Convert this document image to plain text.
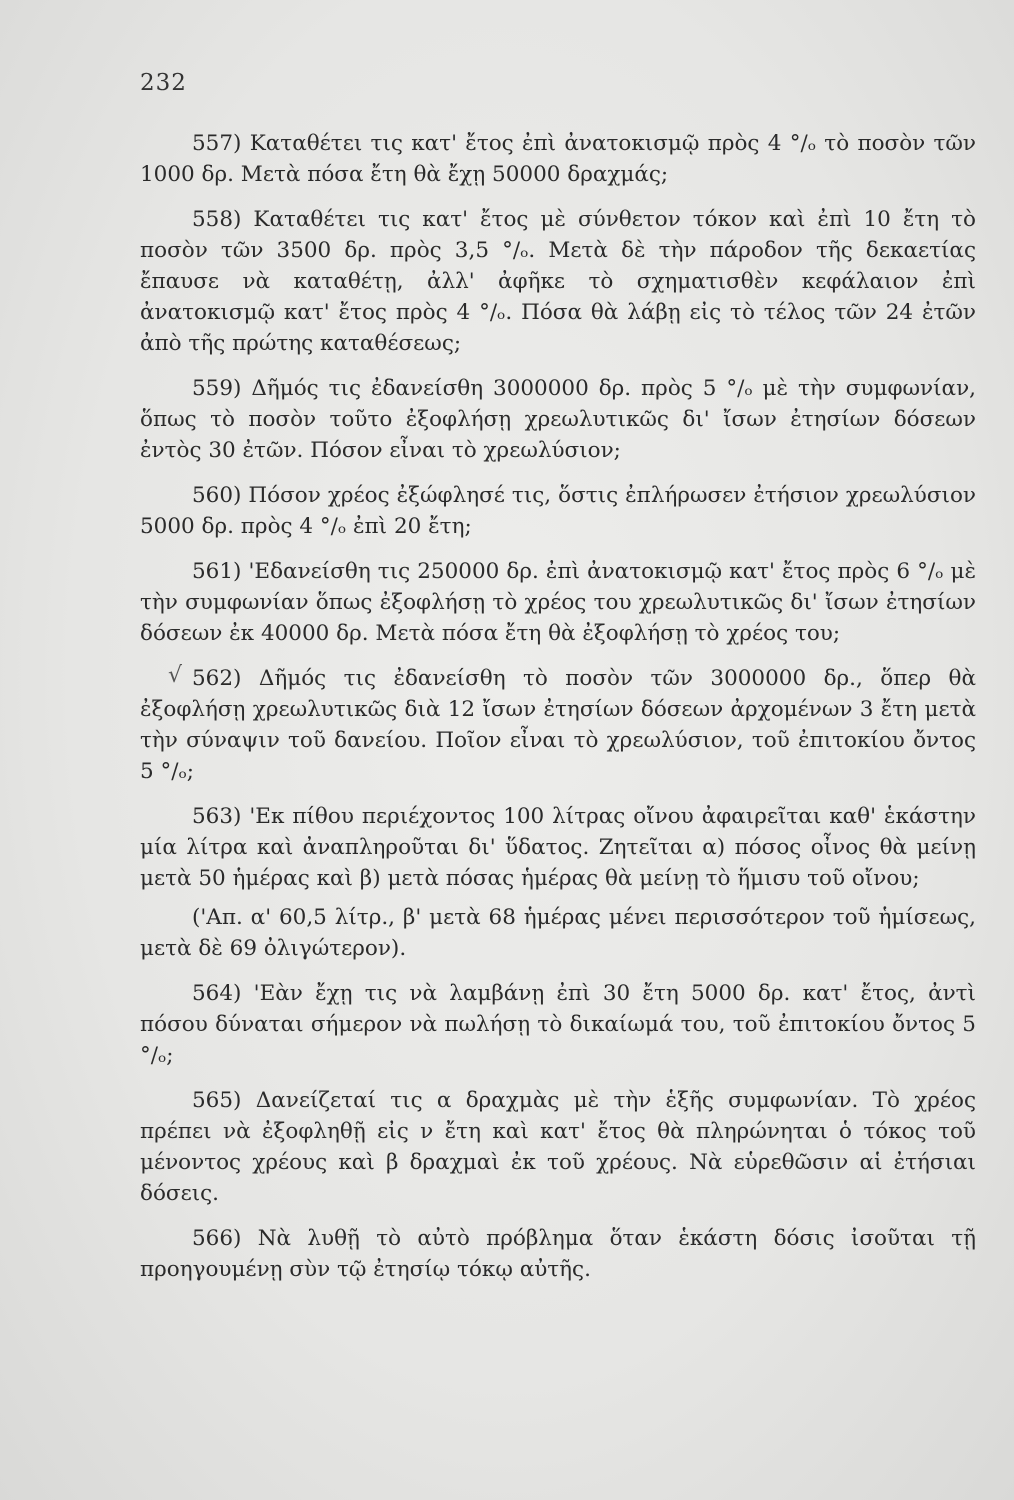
232

557) Καταθέτει τις κατ' ἔτος ἐπὶ ἀνατοκισμῷ πρὸς 4 °/ₒ τὸ ποσὸν τῶν 1000 δρ. Μετὰ πόσα ἔτη θὰ ἔχῃ 50000 δραχμάς;

558) Καταθέτει τις κατ' ἔτος μὲ σύνθετον τόκον καὶ ἐπὶ 10 ἔτη τὸ ποσὸν τῶν 3500 δρ. πρὸς 3,5 °/ₒ. Μετὰ δὲ τὴν πάροδον τῆς δεκαετίας ἔπαυσε νὰ καταθέτῃ, ἀλλ' ἀφῆκε τὸ σχηματισθὲν κεφάλαιον ἐπὶ ἀνατοκισμῷ κατ' ἔτος πρὸς 4 °/ₒ. Πόσα θὰ λάβῃ εἰς τὸ τέλος τῶν 24 ἐτῶν ἀπὸ τῆς πρώτης καταθέσεως;

559) Δῆμός τις ἐδανείσθη 3000000 δρ. πρὸς 5 °/ₒ μὲ τὴν συμφωνίαν, ὅπως τὸ ποσὸν τοῦτο ἐξοφλήσῃ χρεωλυτικῶς δι' ἴσων ἐτησίων δόσεων ἐντὸς 30 ἐτῶν. Πόσον εἶναι τὸ χρεωλύσιον;

560) Πόσον χρέος ἐξώφλησέ τις, ὅστις ἐπλήρωσεν ἐτήσιον χρεωλύσιον 5000 δρ. πρὸς 4 °/ₒ ἐπὶ 20 ἔτη;

561) 'Εδανείσθη τις 250000 δρ. ἐπὶ ἀνατοκισμῷ κατ' ἔτος πρὸς 6 °/ₒ μὲ τὴν συμφωνίαν ὅπως ἐξοφλήσῃ τὸ χρέος του χρεωλυτικῶς δι' ἴσων ἐτησίων δόσεων ἐκ 40000 δρ. Μετὰ πόσα ἔτη θὰ ἐξοφλήσῃ τὸ χρέος του;

√ 562) Δῆμός τις ἐδανείσθη τὸ ποσὸν τῶν 3000000 δρ., ὅπερ θὰ ἐξοφλήσῃ χρεωλυτικῶς διὰ 12 ἴσων ἐτησίων δόσεων ἀρχομένων 3 ἔτη μετὰ τὴν σύναψιν τοῦ δανείου. Ποῖον εἶναι τὸ χρεωλύσιον, τοῦ ἐπιτοκίου ὄντος 5 °/ₒ;

563) 'Εκ πίθου περιέχοντος 100 λίτρας οἴνου ἀφαιρεῖται καθ' ἑκάστην μία λίτρα καὶ ἀναπληροῦται δι' ὕδατος. Ζητεῖται α) πόσος οἶνος θὰ μείνῃ μετὰ 50 ἡμέρας καὶ β) μετὰ πόσας ἡμέρας θὰ μείνῃ τὸ ἥμισυ τοῦ οἴνου;

('Απ. α' 60,5 λίτρ., β' μετὰ 68 ἡμέρας μένει περισσότερον τοῦ ἡμίσεως, μετὰ δὲ 69 ὀλιγώτερον).

564) 'Εὰν ἔχῃ τις νὰ λαμβάνῃ ἐπὶ 30 ἔτη 5000 δρ. κατ' ἔτος, ἀντὶ πόσου δύναται σήμερον νὰ πωλήσῃ τὸ δικαίωμά του, τοῦ ἐπιτοκίου ὄντος 5 °/ₒ;

565) Δανείζεταί τις α δραχμὰς μὲ τὴν ἑξῆς συμφωνίαν. Τὸ χρέος πρέπει νὰ ἐξοφληθῇ εἰς ν ἔτη καὶ κατ' ἔτος θὰ πληρώνηται ὁ τόκος τοῦ μένοντος χρέους καὶ β δραχμαὶ ἐκ τοῦ χρέους. Νὰ εὑρεθῶσιν αἱ ἐτήσιαι δόσεις.

566) Νὰ λυθῇ τὸ αὐτὸ πρόβλημα ὅταν ἑκάστη δόσις ἰσοῦται τῇ προηγουμένῃ σὺν τῷ ἐτησίῳ τόκῳ αὐτῆς.
